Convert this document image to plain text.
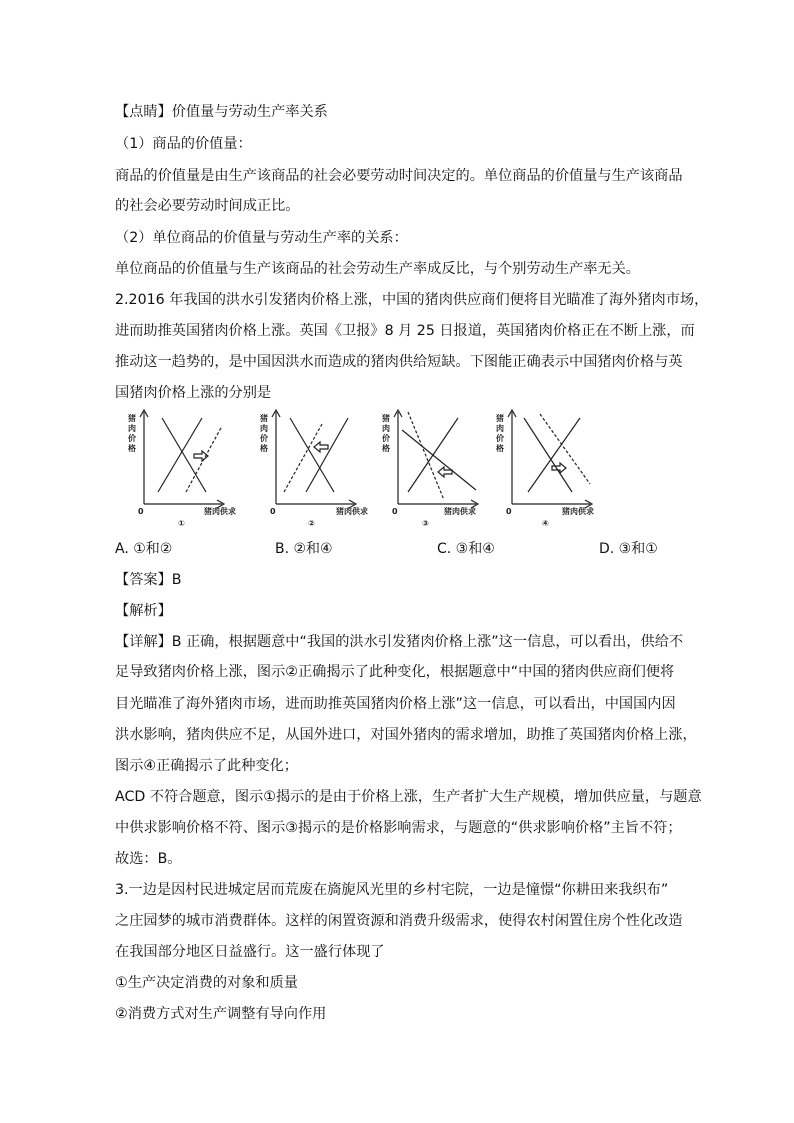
【点睛】价值量与劳动生产率关系
（1）商品的价值量：
商品的价值量是由生产该商品的社会必要劳动时间决定的。单位商品的价值量与生产该商品
的社会必要劳动时间成正比。
（2）单位商品的价值量与劳动生产率的关系：
单位商品的价值量与生产该商品的社会劳动生产率成反比，与个别劳动生产率无关。
2.2016 年我国的洪水引发猪肉价格上涨，中国的猪肉供应商们便将目光瞄准了海外猪肉市场，
进而助推英国猪肉价格上涨。英国《卫报》8 月 25 日报道，英国猪肉价格正在不断上涨，而
推动这一趋势的，是中国因洪水而造成的猪肉供给短缺。下图能正确表示中国猪肉价格与英
国猪肉价格上涨的分别是
猪
肉
价
格
0	猪肉供求
①
猪
肉
价
格
0	猪肉供求
②
猪
肉
价
格
0	猪肉供求
③
猪
肉
价
格
0	猪肉供求
④
A. ①和②	B. ②和④	C. ③和④	D. ③和①
【答案】B
【解析】
【详解】B 正确，根据题意中“我国的洪水引发猪肉价格上涨”这一信息，可以看出，供给不
足导致猪肉价格上涨，图示②正确揭示了此种变化，根据题意中“中国的猪肉供应商们便将
目光瞄准了海外猪肉市场，进而助推英国猪肉价格上涨”这一信息，可以看出，中国国内因
洪水影响，猪肉供应不足，从国外进口，对国外猪肉的需求增加，助推了英国猪肉价格上涨，
图示④正确揭示了此种变化；
ACD 不符合题意，图示①揭示的是由于价格上涨，生产者扩大生产规模，增加供应量，与题意
中供求影响价格不符、图示③揭示的是价格影响需求，与题意的“供求影响价格”主旨不符；
故选：B。
3.一边是因村民进城定居而荒废在旖旎风光里的乡村宅院，一边是憧憬“你耕田来我织布”
之庄园梦的城市消费群体。这样的闲置资源和消费升级需求，使得农村闲置住房个性化改造
在我国部分地区日益盛行。这一盛行体现了
①生产决定消费的对象和质量
②消费方式对生产调整有导向作用
